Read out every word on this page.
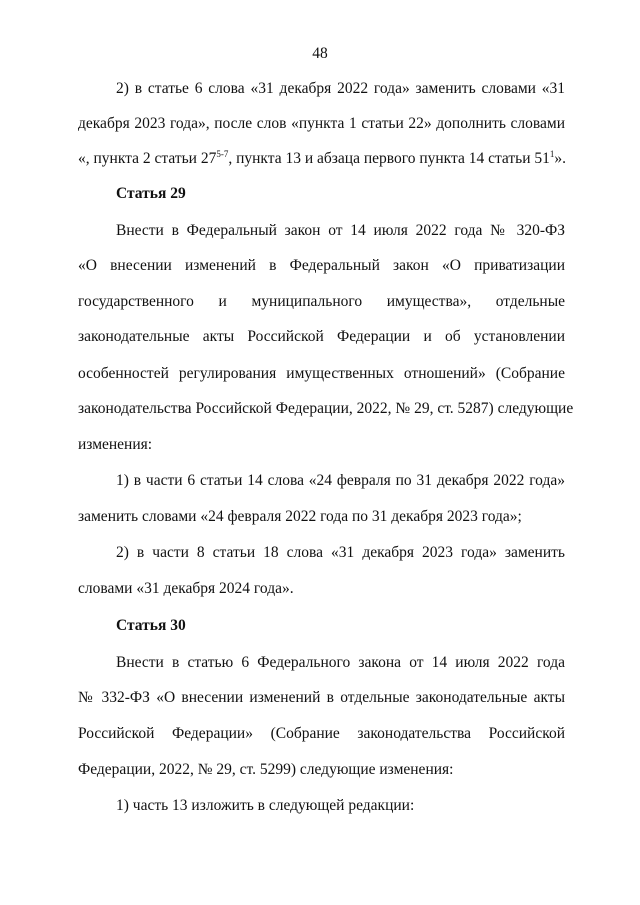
48
2) в статье 6 слова «31 декабря 2022 года» заменить словами «31
декабря 2023 года», после слов «пункта 1 статьи 22» дополнить словами
«, пункта 2 статьи 27$^{5-7}$, пункта 13 и абзаца первого пункта 14 статьи $51^1$».
Статья 29
Внести в Федеральный закон от 14 июля 2022 года № 320-ФЗ
«О внесении изменений в Федеральный закон «О приватизации
государственного и муниципального имущества», отдельные
законодательные акты Российской Федерации и об установлении
особенностей регулирования имущественных отношений» (Собрание
законодательства Российской Федерации, 2022, № 29, ст. 5287) следующие
изменения:
1) в части 6 статьи 14 слова «24 февраля по 31 декабря 2022 года»
заменить словами «24 февраля 2022 года по 31 декабря 2023 года»;
2) в части 8 статьи 18 слова «31 декабря 2023 года» заменить
словами «31 декабря 2024 года».
Статья 30
Внести в статью 6 Федерального закона от 14 июля 2022 года
№ 332-ФЗ «О внесении изменений в отдельные законодательные акты
Российской Федерации» (Собрание законодательства Российской
Федерации, 2022, № 29, ст. 5299) следующие изменения:
1) часть 13 изложить в следующей редакции:
